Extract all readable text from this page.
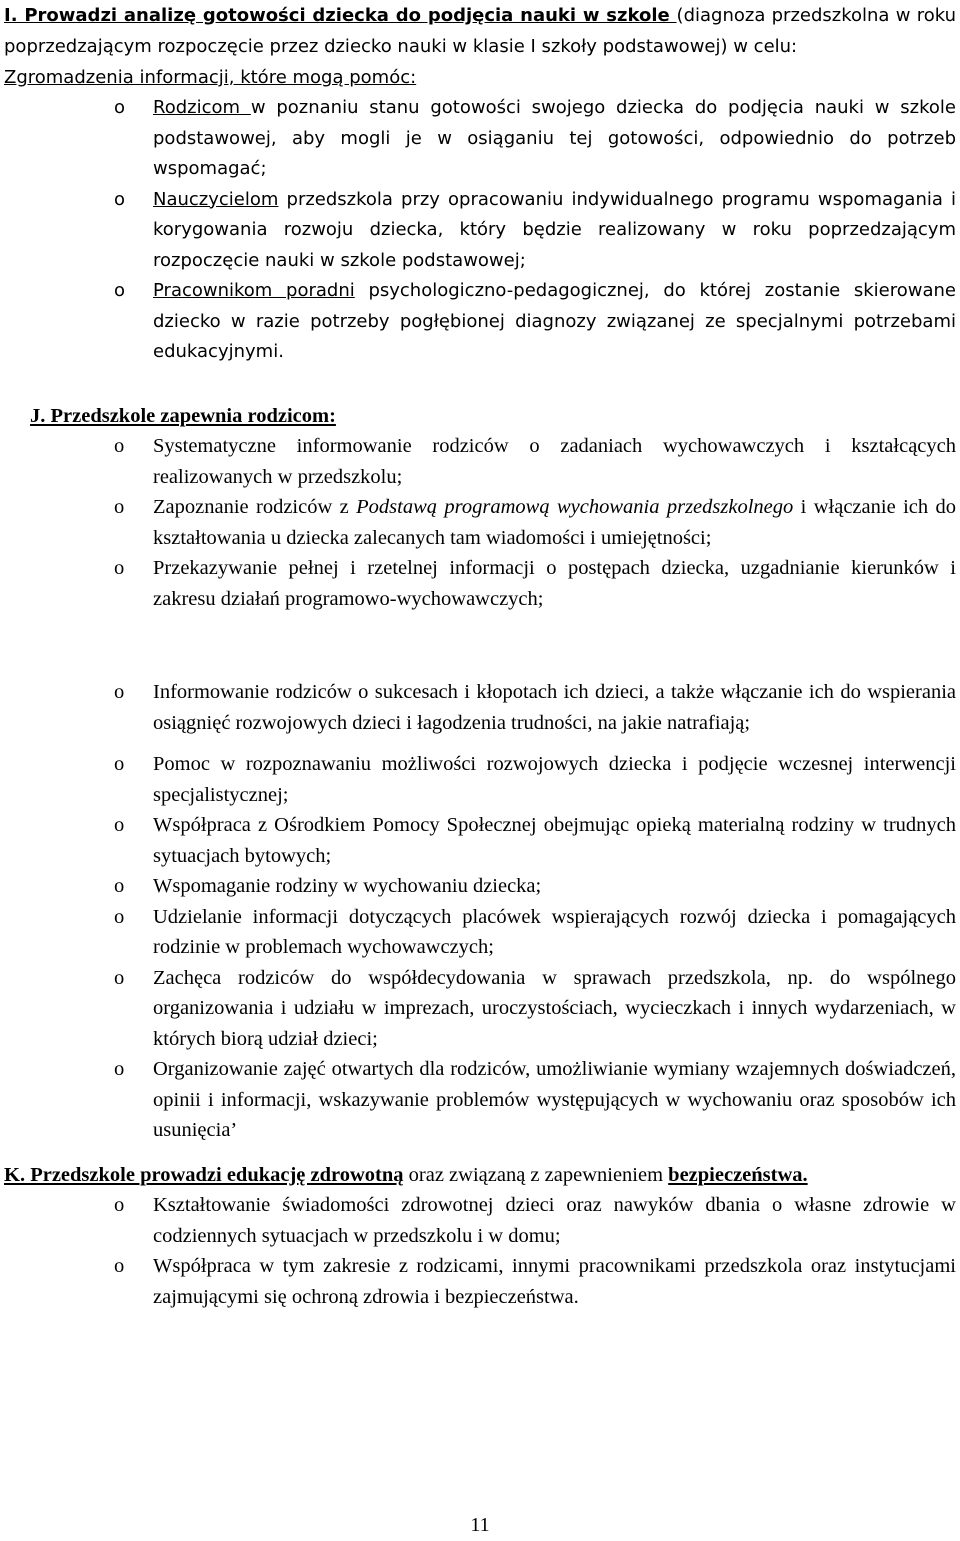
I. Prowadzi analizę gotowości dziecka do podjęcia nauki w szkole (diagnoza przedszkolna w roku poprzedzającym rozpoczęcie przez dziecko nauki w klasie I szkoły podstawowej) w celu:

Zgromadzenia informacji, które mogą pomóc:

o Rodzicom w poznaniu stanu gotowości swojego dziecka do podjęcia nauki w szkole podstawowej, aby mogli je w osiąganiu tej gotowości, odpowiednio do potrzeb wspomagać;
o Nauczycielom przedszkola przy opracowaniu indywidualnego programu wspomagania i korygowania rozwoju dziecka, który będzie realizowany w roku poprzedzającym rozpoczęcie nauki w szkole podstawowej;
o Pracownikom poradni psychologiczno-pedagogicznej, do której zostanie skierowane dziecko w razie potrzeby pogłębionej diagnozy związanej ze specjalnymi potrzebami edukacyjnymi.

J. Przedszkole zapewnia rodzicom:

o Systematyczne informowanie rodziców o zadaniach wychowawczych i kształcących realizowanych w przedszkolu;
o Zapoznanie rodziców z Podstawą programową wychowania przedszkolnego i włączanie ich do kształtowania u dziecka zalecanych tam wiadomości i umiejętności;
o Przekazywanie pełnej i rzetelnej informacji o postępach dziecka, uzgadnianie kierunków i zakresu działań programowo-wychowawczych;
o Informowanie rodziców o sukcesach i kłopotach ich dzieci, a także włączanie ich do wspierania osiągnięć rozwojowych dzieci i łagodzenia trudności, na jakie natrafiają;
o Pomoc w rozpoznawaniu możliwości rozwojowych dziecka i podjęcie wczesnej interwencji specjalistycznej;
o Współpraca z Ośrodkiem Pomocy Społecznej obejmując opieką materialną rodziny w trudnych sytuacjach bytowych;
o Wspomaganie rodziny w wychowaniu dziecka;
o Udzielanie informacji dotyczących placówek wspierających rozwój dziecka i pomagających rodzinie w problemach wychowawczych;
o Zachęca rodziców do współdecydowania w sprawach przedszkola, np. do wspólnego organizowania i udziału w imprezach, uroczystościach, wycieczkach i innych wydarzeniach, w których biorą udział dzieci;
o Organizowanie zajęć otwartych dla rodziców, umożliwianie wymiany wzajemnych doświadczeń, opinii i informacji, wskazywanie problemów występujących w wychowaniu oraz sposobów ich usunięcia’

K. Przedszkole prowadzi edukację zdrowotną oraz związaną z zapewnieniem bezpieczeństwa.

o Kształtowanie świadomości zdrowotnej dzieci oraz nawyków dbania o własne zdrowie w codziennych sytuacjach w przedszkolu i w domu;
o Współpraca w tym zakresie z rodzicami, innymi pracownikami przedszkola oraz instytucjami zajmującymi się ochroną zdrowia i bezpieczeństwa.
11
